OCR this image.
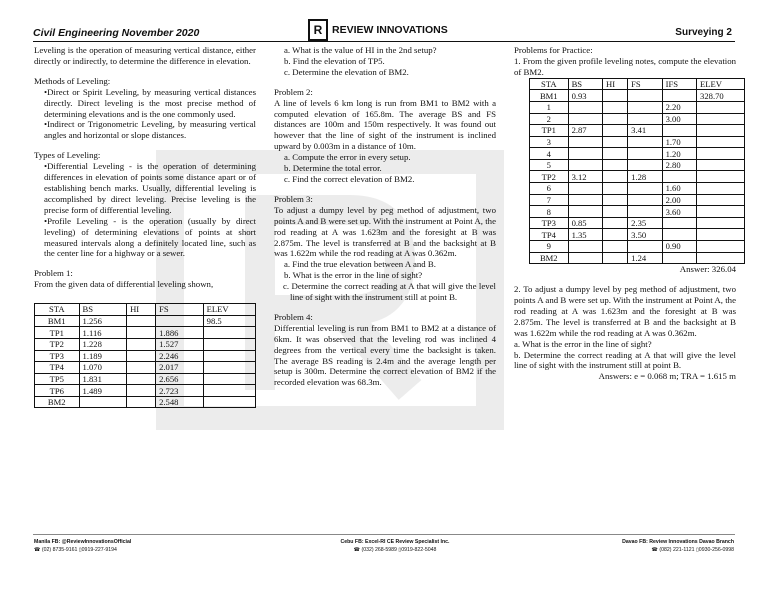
Civil Engineering November 2020	R REVIEW INNOVATIONS	Surveying 2

Leveling is the operation of measuring vertical distance, either directly or indirectly, to determine the difference in elevation.

Methods of Leveling:

•Direct or Spirit Leveling, by measuring vertical distances directly. Direct leveling is the most precise method of determining elevations and is the one commonly used.

•Indirect or Trigonometric Leveling, by measuring vertical angles and horizontal or slope distances.

Types of Leveling:

•Differential Leveling - is the operation of determining differences in elevation of points some distance apart or of establishing bench marks. Usually, differential leveling is accomplished by direct leveling. Precise leveling is the precise form of differential leveling.

•Profile Leveling - is the operation (usually by direct leveling) of determining elevations of points at short measured intervals along a definitely located line, such as the center line for a highway or a sewer.

Problem 1:

From the given data of differential leveling shown,

STA	BS	HI	FS	ELEV
BM1	1.256			98.5
TP1	1.116		1.886	
TP2	1.228		1.527	
TP3	1.189		2.246	
TP4	1.070		2.017	
TP5	1.831		2.656	
TP6	1.489		2.723	
BM2			2.548	

a. What is the value of HI in the 2nd setup?

b. Find the elevation of TP5.

c. Determine the elevation of BM2.

Problem 2:

A line of levels 6 km long is run from BM1 to BM2 with a computed elevation of 165.8m. The average BS and FS distances are 100m and 150m respectively. It was found out however that the line of sight of the instrument is inclined upward by 0.003m in a distance of 10m.

a. Compute the error in every setup.

b. Determine the total error.

c. Find the correct elevation of BM2.

Problem 3:

To adjust a dumpy level by peg method of adjustment, two points A and B were set up. With the instrument at Point A, the rod reading at A was 1.623m and the foresight at B was 2.875m. The level is transferred at B and the backsight at B was 1.622m while the rod reading at A was 0.362m.

a. Find the true elevation between A and B.

b. What is the error in the line of sight?

c. Determine the correct reading at A that will give the level line of sight with the instrument still at point B.

Problem 4:

Differential leveling is run from BM1 to BM2 at a distance of 6km. It was observed that the leveling rod was inclined 4 degrees from the vertical every time the backsight is taken. The average BS reading is 2.4m and the average length per setup is 300m. Determine the correct elevation of BM2 if the recorded elevation was 68.3m.

Problems for Practice:

1. From the given profile leveling notes, compute the elevation of BM2.

STA	BS	HI	FS	IFS	ELEV
BM1	0.93				328.70
1				2.20	
2				3.00	
TP1	2.87		3.41		
3				1.70	
4				1.20	
5				2.80	
TP2	3.12		1.28		
6				1.60	
7				2.00	
8				3.60	
TP3	0.85		2.35		
TP4	1.35		3.50		
9				0.90	
BM2			1.24		

Answer: 326.04

2. To adjust a dumpy level by peg method of adjustment, two points A and B were set up. With the instrument at Point A, the rod reading at A was 1.623m and the foresight at B was 2.875m. The level is transferred at B and the backsight at B was 1.622m while the rod reading at A was 0.362m.

a. What is the error in the line of sight?

b. Determine the correct reading at A that will give the level line of sight with the instrument still at point B.

Answers: e = 0.068 m; TRA = 1.615 m

Manila FB: @ReviewInnovationsOfficial
☎ (02) 8735-9161 ▯0919-227-9194
Cebu FB: Excel-RI CE Review Specialist Inc.
☎ (032) 268-5989 ▯0919-822-5048
Davao FB: Review Innovations Davao Branch
☎ (082) 221-1121 ▯0930-256-0998
